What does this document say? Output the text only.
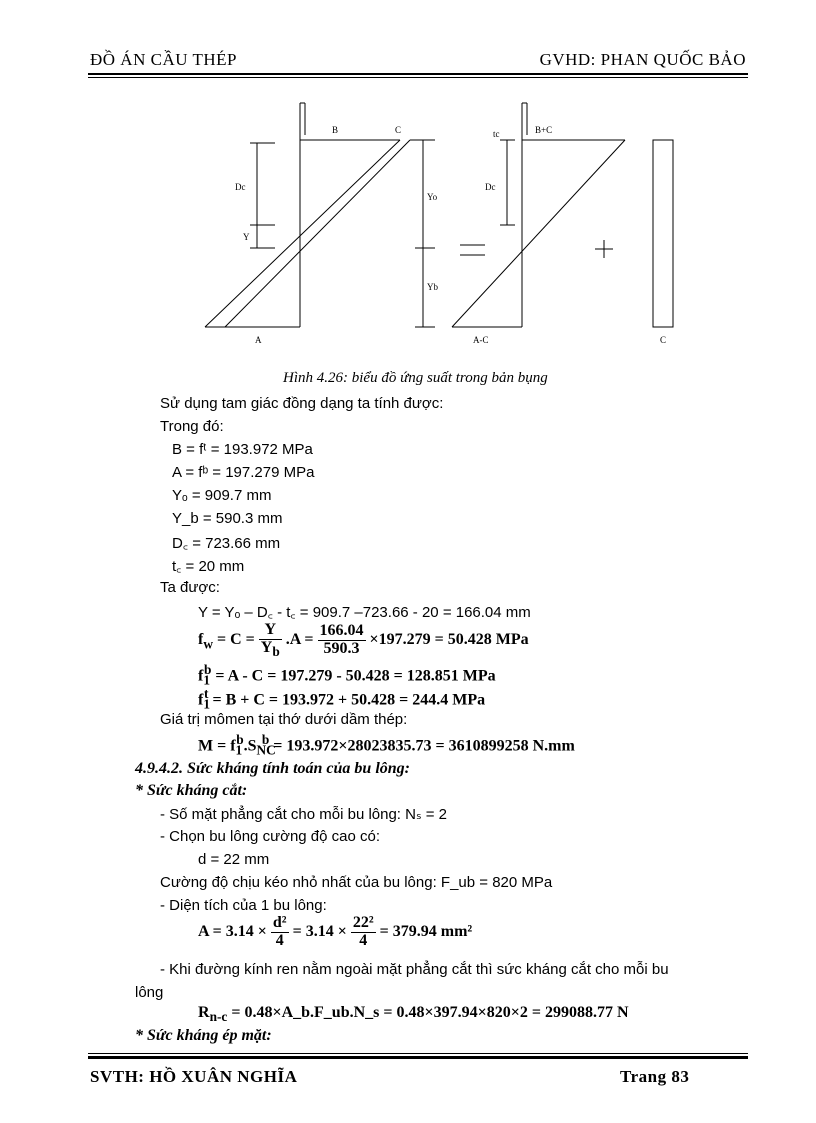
ĐỒ ÁN CẦU THÉP	GVHD: PHAN QUỐC BẢO
B	C
A
Dc
Y
Yo
Yb
B+C
tc
Dc
A-C	C
Hình 4.26: biểu đồ ứng suất trong bản bụng
Sử dụng tam giác đồng dạng ta tính được:
Trong đó:
B = fᵗ = 193.972 MPa
A = fᵇ = 197.279 MPa
Yₒ = 909.7 mm
Y_b = 590.3 mm
D꜀ = 723.66 mm
t꜀ = 20 mm
Ta được:
Y = Yₒ – D꜀ - t꜀ = 909.7 –723.66 - 20 = 166.04 mm
$f_w = C = \frac{Y}{Y_b} .A = \frac{166.04}{590.3} \times 197.279 = 50.428$ MPa
$f_1^b = A - C = 197.279 - 50.428 = 128.851$ MPa
$f_1^t = B + C = 193.972 + 50.428 = 244.4$ MPa
Giá trị mômen tại thớ dưới dầm thép:
$M = f_1^b.S_{NC}^b = 193.972\times 28023835.73 = 3610899258$ N.mm
4.9.4.2. Sức kháng tính toán của bu lông:
* Sức kháng cắt:
- Số mặt phẳng cắt cho mỗi bu lông: Nₛ = 2
- Chọn bu lông cường độ cao có:
d = 22 mm
Cường độ chịu kéo nhỏ nhất của bu lông: F_ub = 820 MPa
- Diện tích của 1 bu lông:
$A = 3.14 \times \frac{\text{d²}}{4} = 3.14 \times \frac{\text{22²}}{4} = 379.94$ mm²
- Khi đường kính ren nằm ngoài mặt phẳng cắt thì sức kháng cắt cho mỗi bu
lông
$R_{n-c}$ = 0.48×A_b.F_ub.N_s = 0.48×397.94×820×2 = 299088.77 N
* Sức kháng ép mặt:
SVTH: HỒ XUÂN NGHĨA	Trang 83
